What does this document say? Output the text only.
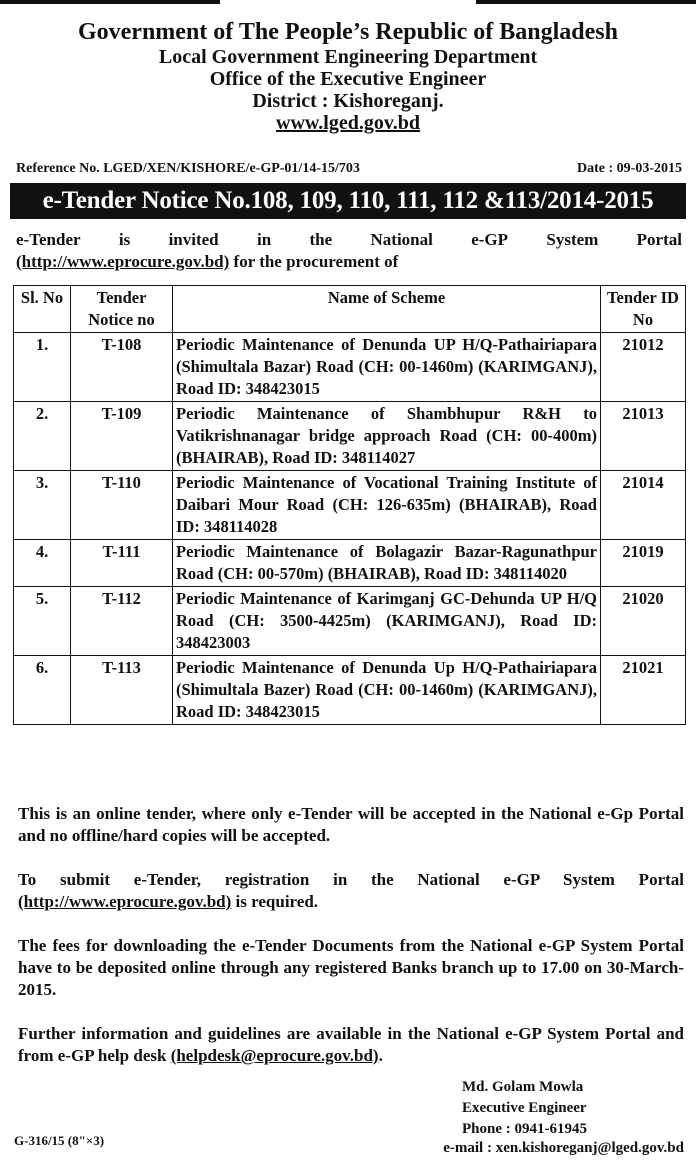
Government of The People’s Republic of Bangladesh
Local Government Engineering Department
Office of the Executive Engineer
District : Kishoreganj.
www.lged.gov.bd
Reference No. LGED/XEN/KISHORE/e-GP-01/14-15/703	Date : 09-03-2015
e-Tender Notice No.108, 109, 110, 111, 112 &113/2014-2015
e-Tender is invited in the National e-GP System Portal
(http://www.eprocure.gov.bd) for the procurement of
Sl. No	Tender Notice no	Name of Scheme	Tender ID No
1.	T-108	Periodic Maintenance of Denunda UP H/Q-Pathairiapara (Shimultala Bazar) Road (CH: 00-1460m) (KARIMGANJ), Road ID: 348423015	21012
2.	T-109	Periodic Maintenance of Shambhupur R&H to Vatikrishnanagar bridge approach Road (CH: 00-400m) (BHAIRAB), Road ID: 348114027	21013
3.	T-110	Periodic Maintenance of Vocational Training Institute of Daibari Mour Road (CH: 126-635m) (BHAIRAB), Road ID: 348114028	21014
4.	T-111	Periodic Maintenance of Bolagazir Bazar-Ragunathpur Road (CH: 00-570m) (BHAIRAB), Road ID: 348114020	21019
5.	T-112	Periodic Maintenance of Karimganj GC-Dehunda UP H/Q Road (CH: 3500-4425m) (KARIMGANJ), Road ID: 348423003	21020
6.	T-113	Periodic Maintenance of Denunda Up H/Q-Pathairiapara (Shimultala Bazer) Road (CH: 00-1460m) (KARIMGANJ), Road ID: 348423015	21021

This is an online tender, where only e-Tender will be accepted in the National e-Gp Portal and no offline/hard copies will be accepted.

To submit e-Tender, registration in the National e-GP System Portal (http://www.eprocure.gov.bd) is required.

The fees for downloading the e-Tender Documents from the National e-GP System Portal have to be deposited online through any registered Banks branch up to 17.00 on 30-March-2015.

Further information and guidelines are available in the National e-GP System Portal and from e-GP help desk (helpdesk@eprocure.gov.bd).

Md. Golam Mowla
Executive Engineer
Phone : 0941-61945
e-mail : xen.kishoreganj@lged.gov.bd
G-316/15 (8"×3)
